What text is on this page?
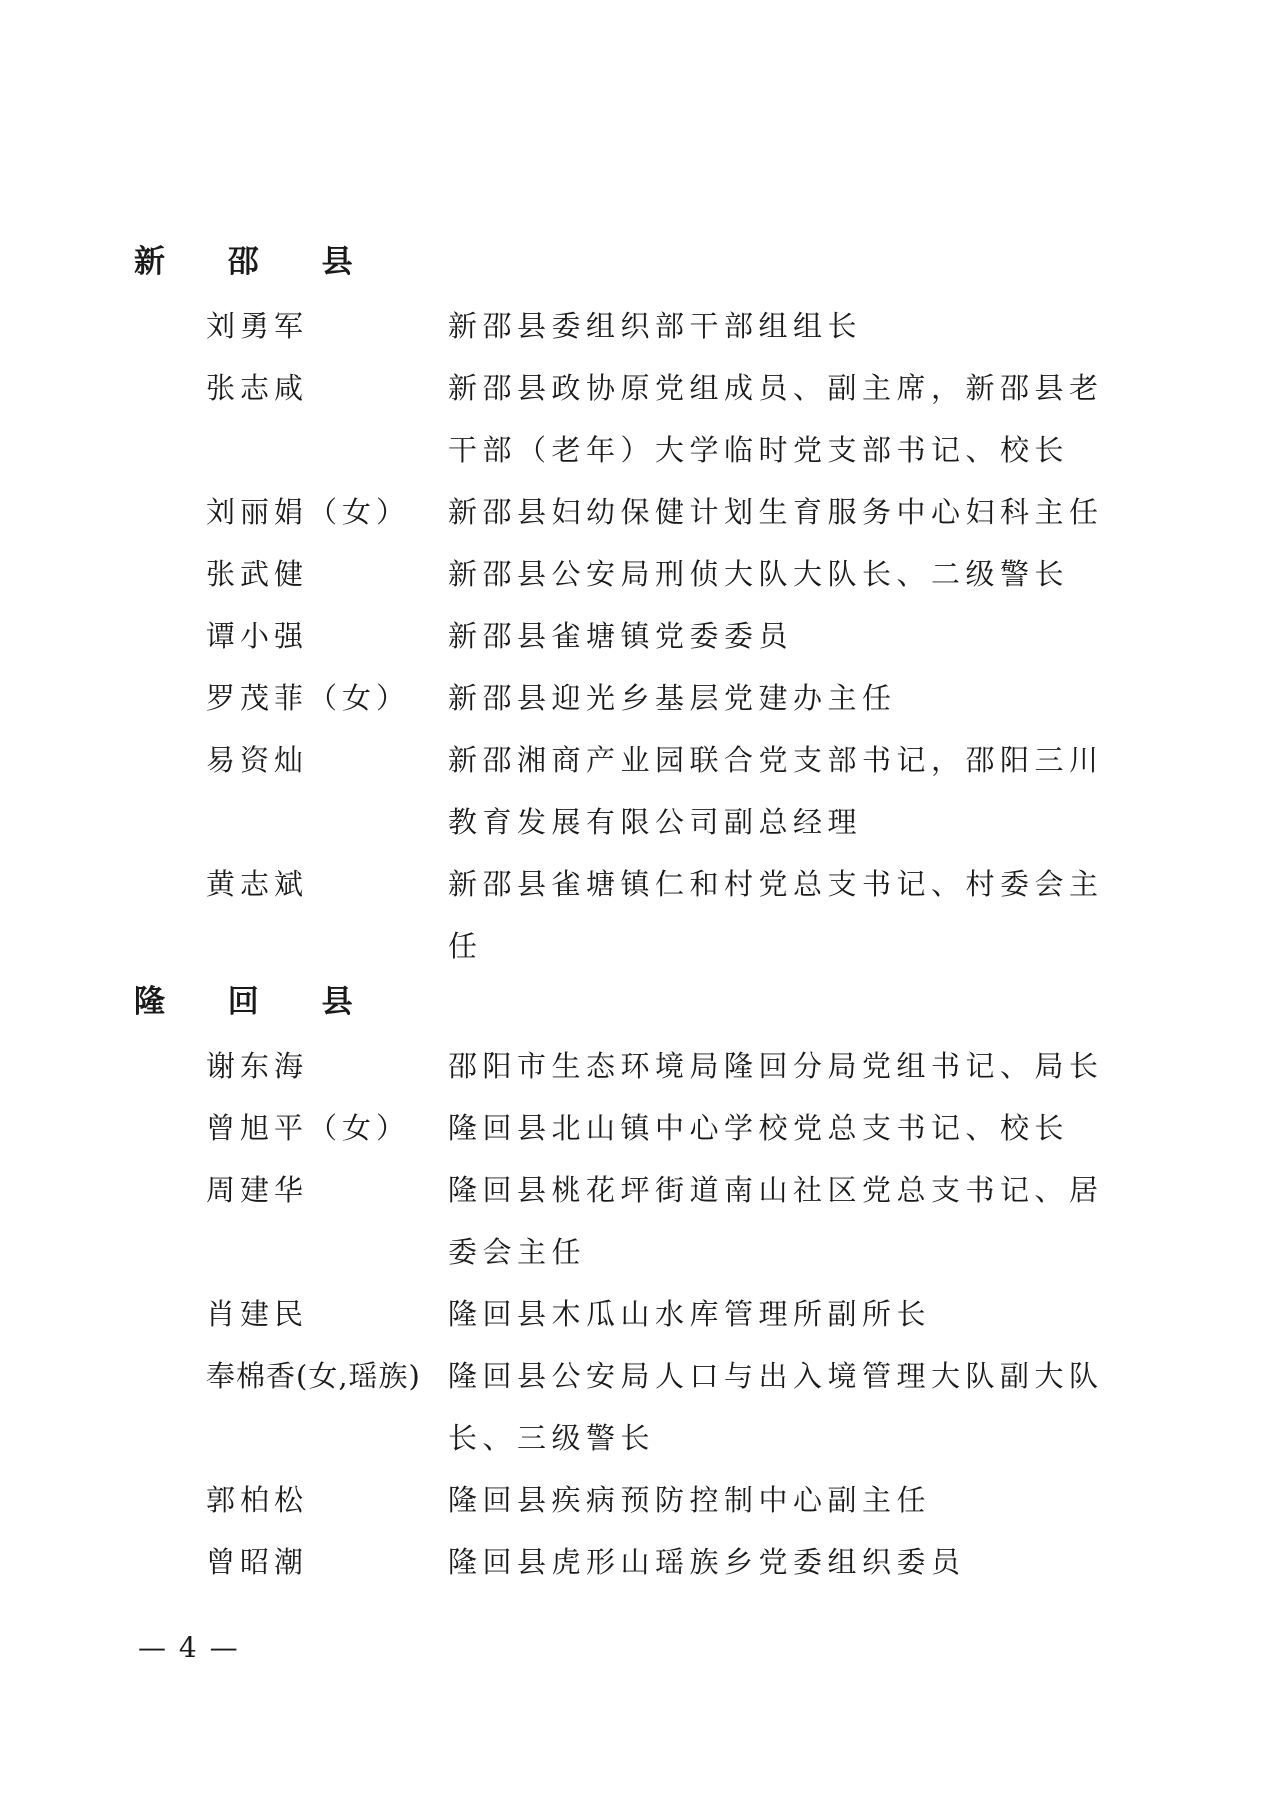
新 邵 县
刘勇军	新邵县委组织部干部组组长
张志咸	新邵县政协原党组成员、副主席，新邵县老干部（老年）大学临时党支部书记、校长
刘丽娟（女） 新邵县妇幼保健计划生育服务中心妇科主任
张武健	新邵县公安局刑侦大队大队长、二级警长
谭小强	新邵县雀塘镇党委委员
罗茂菲（女） 新邵县迎光乡基层党建办主任
易资灿	新邵湘商产业园联合党支部书记，邵阳三川教育发展有限公司副总经理
黄志斌	新邵县雀塘镇仁和村党总支书记、村委会主任
隆 回 县
谢东海	邵阳市生态环境局隆回分局党组书记、局长
曾旭平（女） 隆回县北山镇中心学校党总支书记、校长
周建华	隆回县桃花坪街道南山社区党总支书记、居委会主任
肖建民	隆回县木瓜山水库管理所副所长
奉棉香(女,瑶族) 隆回县公安局人口与出入境管理大队副大队长、三级警长
郭柏松	隆回县疾病预防控制中心副主任
曾昭潮	隆回县虎形山瑶族乡党委组织委员
— 4 —
